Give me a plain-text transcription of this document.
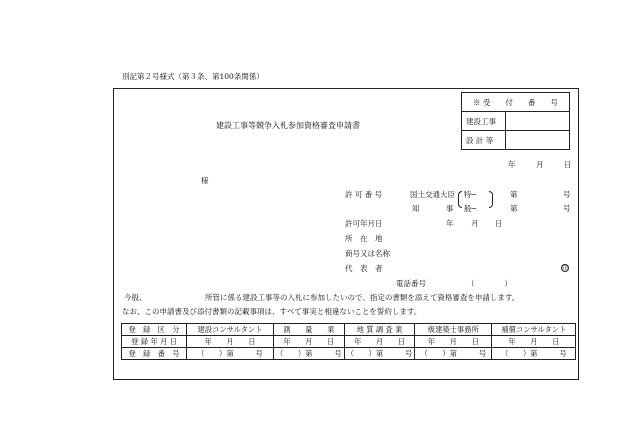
別記第２号様式（第３条、第100条関係）
建設工事等競争入札参加資格審査申請書
※ 受　　付　　番　　号	
建設工事	
設 計 等	
年	月	日
様
許 可 番 号	国土交通大臣
知	事
特─
般─
第	号
第	号
許可年月日	年 月 日
所　在　地
商号又は名称
代　表　者	印
電話番号	（　　　　）
今般、	所管に係る建設工事等の入札に参加したいので、指定の書類を添えて資格審査を申請します。
なお、この申請書及び添付書類の記載事項は、すべて事実と相違ないことを誓約します。
登　録　区　分	建設コンサルタント	測　　量　　業	地 質 調 査 業	級建築士事務所	補償コンサルタント
登 録 年 月 日	年　　月　　日	年　　月　　日	年　　月　　日	年　　月　　日	年　　月　　日
登　録　番　号	（　　）第　　　号	（　　）第　　　号	（　　）第　　　号	（　　）第　　　号	（　　）第　　　号
